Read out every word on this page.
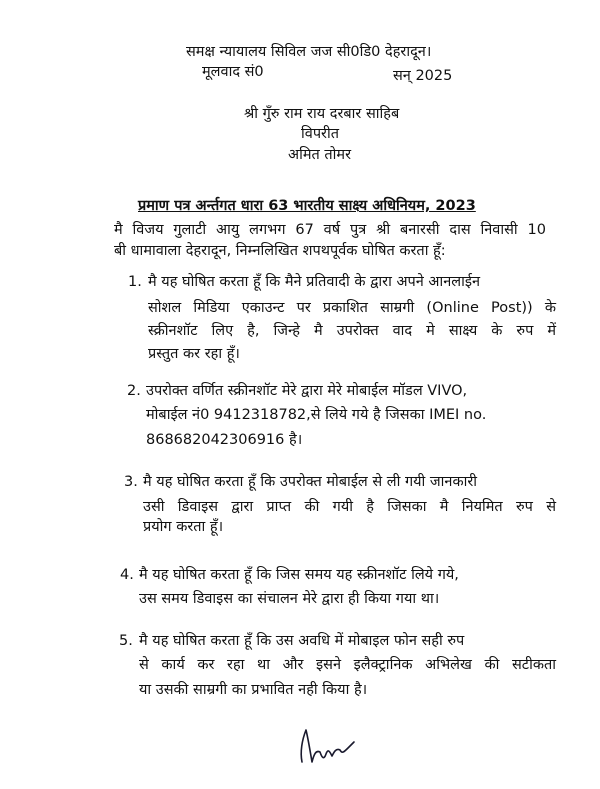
समक्ष न्यायालय सिविल जज सी0डि0 देहरादून।
मूलवाद सं0	सन् 2025
श्री गुँरु राम राय दरबार साहिब
विपरीत
अमित तोमर
प्रमाण पत्र अर्न्तगत धारा 63 भारतीय साक्ष्य अधिनियम, 2023
मै विजय गुलाटी आयु लगभग 67 वर्ष पुत्र श्री बनारसी दास निवासी 10
बी धामावाला देहरादून, निम्नलिखित शपथपूर्वक घोषित करता हूँ:
1. मै यह घोषित करता हूँ कि मैने प्रतिवादी के द्वारा अपने आनलाईन
सोशल मिडिया एकाउन्ट पर प्रकाशित साम्रगी (Online Post)) के
स्क्रीनशॉट लिए है, जिन्हे मै उपरोक्त वाद मे साक्ष्य के रुप में
प्रस्तुत कर रहा हूँ।
2. उपरोक्त वर्णित स्क्रीनशॉट मेरे द्वारा मेरे मोबाईल मॉडल VIVO,
मोबाईल नं0 9412318782,से लिये गये है जिसका IMEI no.
868682042306916 है।
3. मै यह घोषित करता हूँ कि उपरोक्त मोबाईल से ली गयी जानकारी
उसी डिवाइस द्वारा प्राप्त की गयी है जिसका मै नियमित रुप से
प्रयोग करता हूँ।
4. मै यह घोषित करता हूँ कि जिस समय यह स्क्रीनशॉट लिये गये,
उस समय डिवाइस का संचालन मेरे द्वारा ही किया गया था।
5. मै यह घोषित करता हूँ कि उस अवधि में मोबाइल फोन सही रुप
से कार्य कर रहा था और इसने इलैक्ट्रानिक अभिलेख की सटीकता
या उसकी साम्रगी का प्रभावित नही किया है।
